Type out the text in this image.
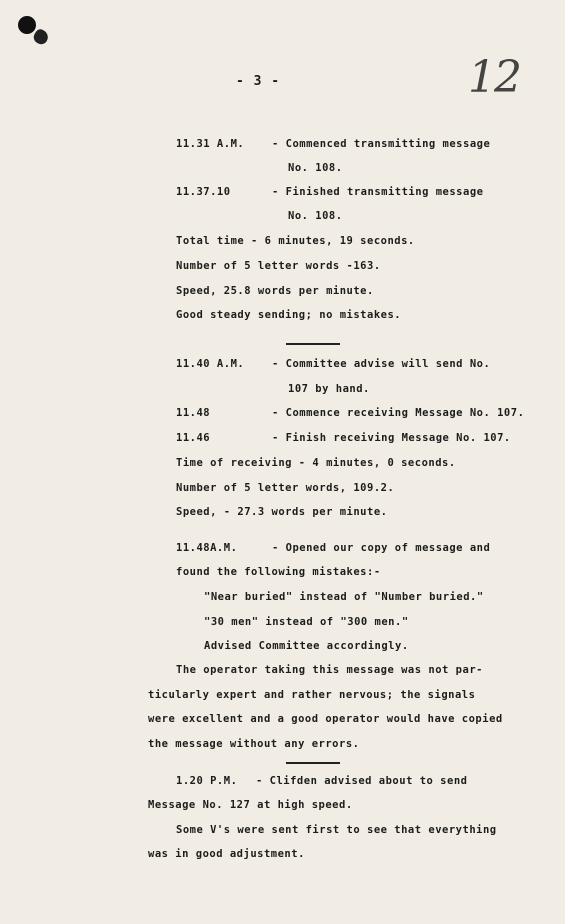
- 3 -	12
11.31 A.M.	- Commenced transmitting message
No. 108.
11.37.10	- Finished transmitting message
No. 108.
Total time - 6 minutes, 19 seconds.
Number of 5 letter words -163.
Speed, 25.8 words per minute.
Good steady sending; no mistakes.
11.40 A.M.	- Committee advise will send No.
107 by hand.
11.48	- Commence receiving Message No. 107.
11.46	- Finish receiving Message No. 107.
Time of receiving - 4 minutes, 0 seconds.
Number of 5 letter words, 109.2.
Speed, - 27.3 words per minute.
11.48A.M.	- Opened our copy of message and
found the following mistakes:-
"Near buried" instead of "Number buried."
"30 men" instead of "300 men."
Advised Committee accordingly.
The operator taking this message was not par-
ticularly expert and rather nervous; the signals
were excellent and a good operator would have copied
the message without any errors.
1.20 P.M. - Clifden advised about to send
Message No. 127 at high speed.
Some V's were sent first to see that everything
was in good adjustment.
